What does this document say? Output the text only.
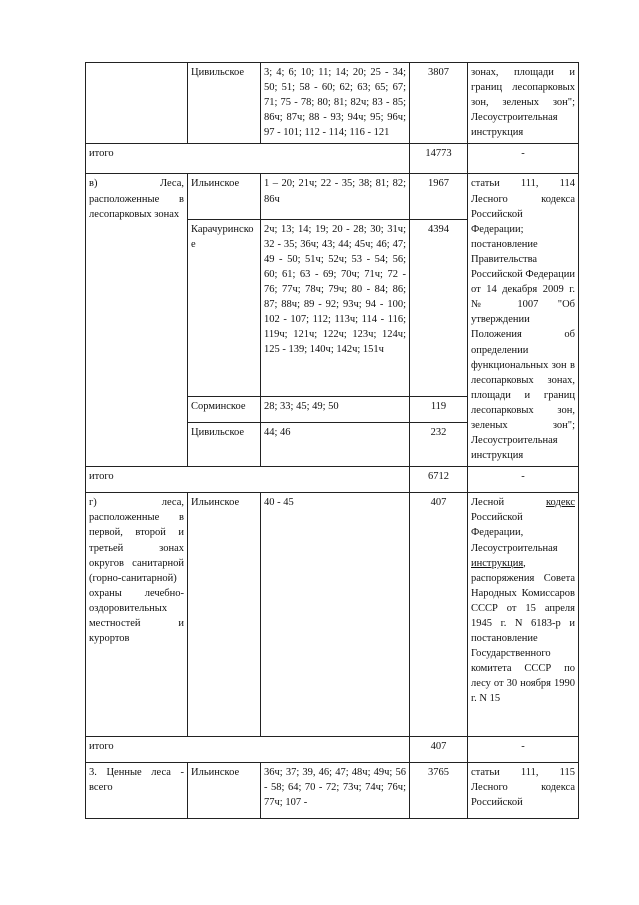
	Цивильское	3; 4; 6; 10; 11; 14; 20; 25 - 34; 50; 51; 58 - 60; 62; 63; 65; 67; 71; 75 - 78; 80; 81; 82ч; 83 - 85; 86ч; 87ч; 88 - 93; 94ч; 95; 96ч; 97 - 101; 112 - 114; 116 - 121	3807	зонах, площади и границ лесопарковых зон, зеленых зон"; Лесоустроительная инструкция
итого			14773	-
в) Леса, расположенные в лесопарковых зонах	Ильинское	1 – 20; 21ч; 22 - 35; 38; 81; 82; 86ч	1967	статьи 111, 114 Лесного кодекса Российской Федерации; постановление Правительства Российской Федерации от 14 декабря 2009 г. № 1007 "Об утверждении Положения об определении функциональных зон в лесопарковых зонах, площади и границ лесопарковых зон, зеленых зон"; Лесоустроительная инструкция
	Карачуринское	2ч; 13; 14; 19; 20 - 28; 30; 31ч; 32 - 35; 36ч; 43; 44; 45ч; 46; 47; 49 - 50; 51ч; 52ч; 53 - 54; 56; 60; 61; 63 - 69; 70ч; 71ч; 72 - 76; 77ч; 78ч; 79ч; 80 - 84; 86; 87; 88ч; 89 - 92; 93ч; 94 - 100; 102 - 107; 112; 113ч; 114 - 116; 119ч; 121ч; 122ч; 123ч; 124ч; 125 - 139; 140ч; 142ч; 151ч	4394	
	Сорминское	28; 33; 45; 49; 50	119	
	Цивильское	44; 46	232	
итого			6712	-
г) леса, расположенные в первой, второй и третьей зонах округов санитарной (горно-санитарной) охраны лечебно-оздоровительных местностей и курортов	Ильинское	40 - 45	407	Лесной кодекс Российской Федерации, Лесоустроительная инструкция, распоряжения Совета Народных Комиссаров СССР от 15 апреля 1945 г. N 6183-р и постановление Государственного комитета СССР по лесу от 30 ноября 1990 г. N 15
итого			407	-
3. Ценные леса - всего	Ильинское	36ч; 37; 39, 46; 47; 48ч; 49ч; 56 - 58; 64; 70 - 72; 73ч; 74ч; 76ч; 77ч; 107 -	3765	статьи 111, 115 Лесного кодекса Российской
